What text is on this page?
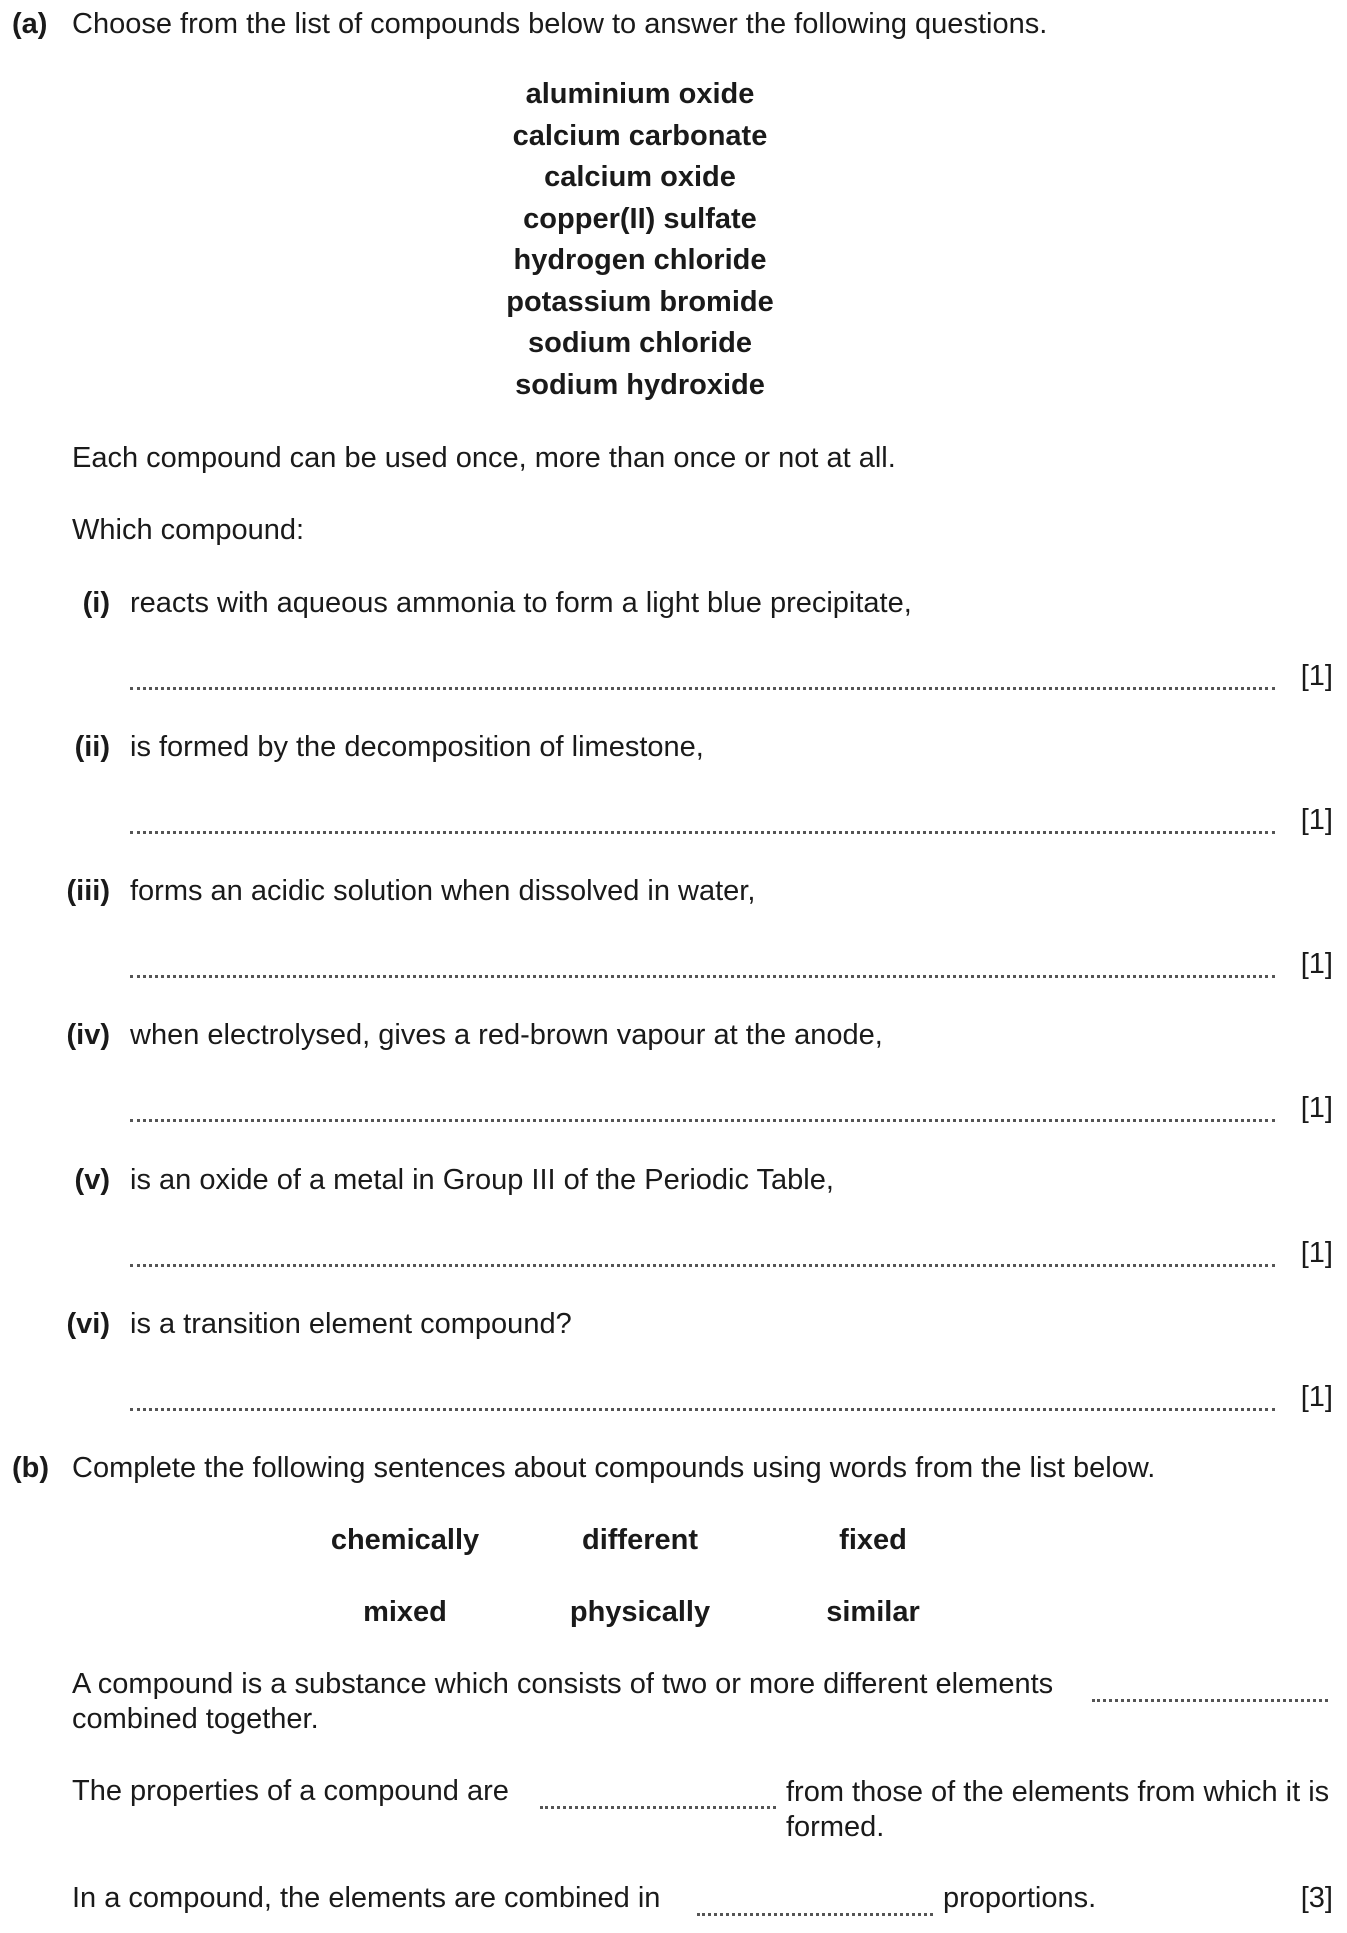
(a) Choose from the list of compounds below to answer the following questions.
aluminium oxide
calcium carbonate
calcium oxide
copper(II) sulfate
hydrogen chloride
potassium bromide
sodium chloride
sodium hydroxide
Each compound can be used once, more than once or not at all.
Which compound:
(i) reacts with aqueous ammonia to form a light blue precipitate,
[1]
(ii) is formed by the decomposition of limestone,
[1]
(iii) forms an acidic solution when dissolved in water,
[1]
(iv) when electrolysed, gives a red-brown vapour at the anode,
[1]
(v) is an oxide of a metal in Group III of the Periodic Table,
[1]
(vi) is a transition element compound?
[1]
(b) Complete the following sentences about compounds using words from the list below.
chemically	different	fixed
mixed	physically	similar
A compound is a substance which consists of two or more different elements
combined together.
The properties of a compound are	from those of the elements from which it is formed.
In a compound, the elements are combined in	proportions.	[3]
